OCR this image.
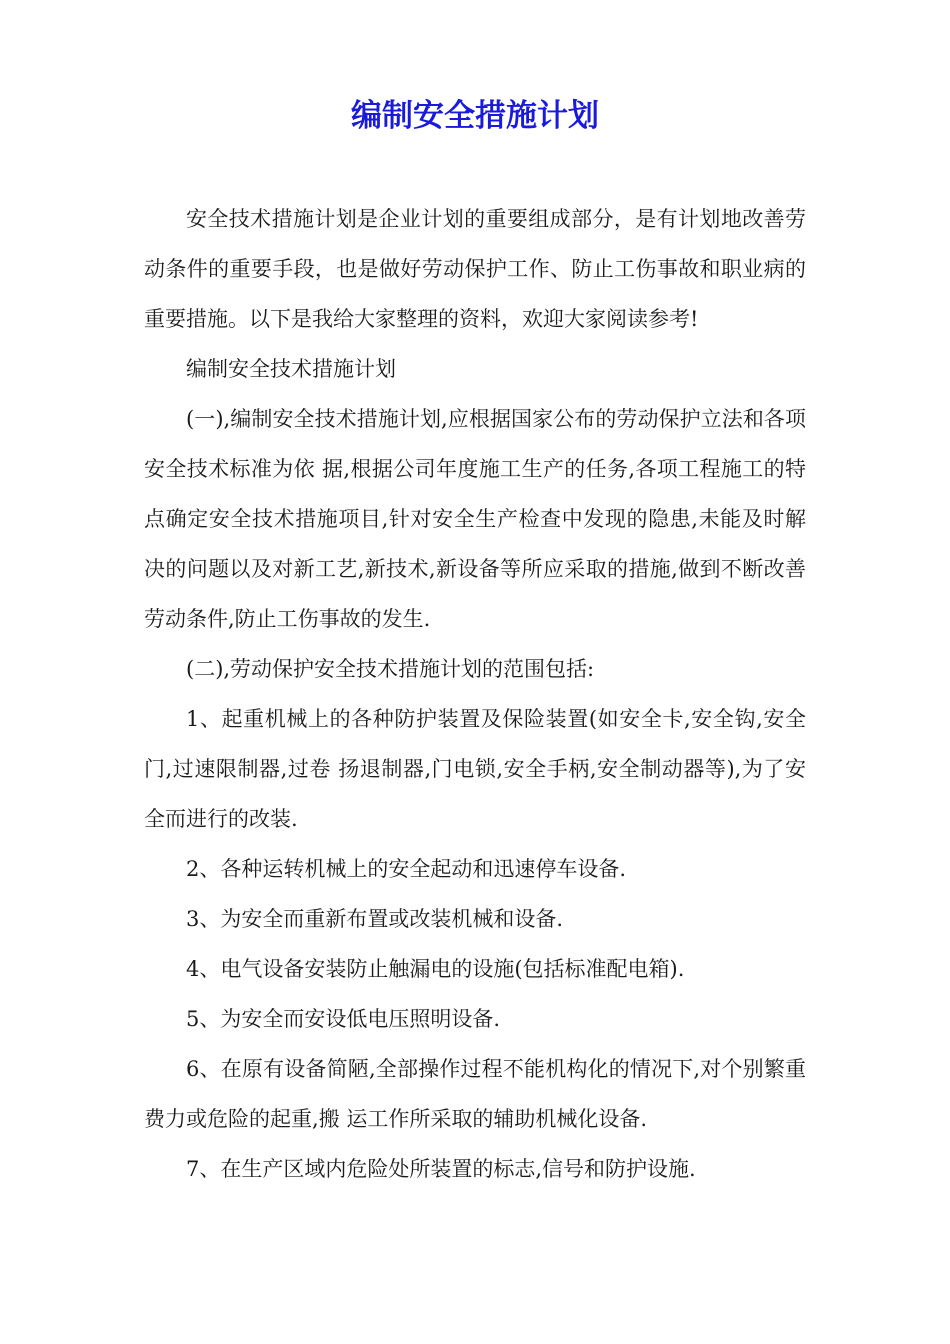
编制安全措施计划

安全技术措施计划是企业计划的重要组成部分，是有计划地改善劳动条件的重要手段，也是做好劳动保护工作、防止工伤事故和职业病的重要措施。以下是我给大家整理的资料，欢迎大家阅读参考!

编制安全技术措施计划

(一),编制安全技术措施计划,应根据国家公布的劳动保护立法和各项安全技术标准为依 据,根据公司年度施工生产的任务,各项工程施工的特点确定安全技术措施项目,针对安全生产检查中发现的隐患,未能及时解决的问题以及对新工艺,新技术,新设备等所应采取的措施,做到不断改善劳动条件,防止工伤事故的发生.

(二),劳动保护安全技术措施计划的范围包括:

1、起重机械上的各种防护装置及保险装置(如安全卡,安全钩,安全门,过速限制器,过卷 扬退制器,门电锁,安全手柄,安全制动器等),为了安全而进行的改装.

2、各种运转机械上的安全起动和迅速停车设备.

3、为安全而重新布置或改装机械和设备.

4、电气设备安装防止触漏电的设施(包括标准配电箱).

5、为安全而安设低电压照明设备.

6、在原有设备简陋,全部操作过程不能机构化的情况下,对个别繁重费力或危险的起重,搬 运工作所采取的辅助机械化设备.

7、在生产区域内危险处所装置的标志,信号和防护设施.
